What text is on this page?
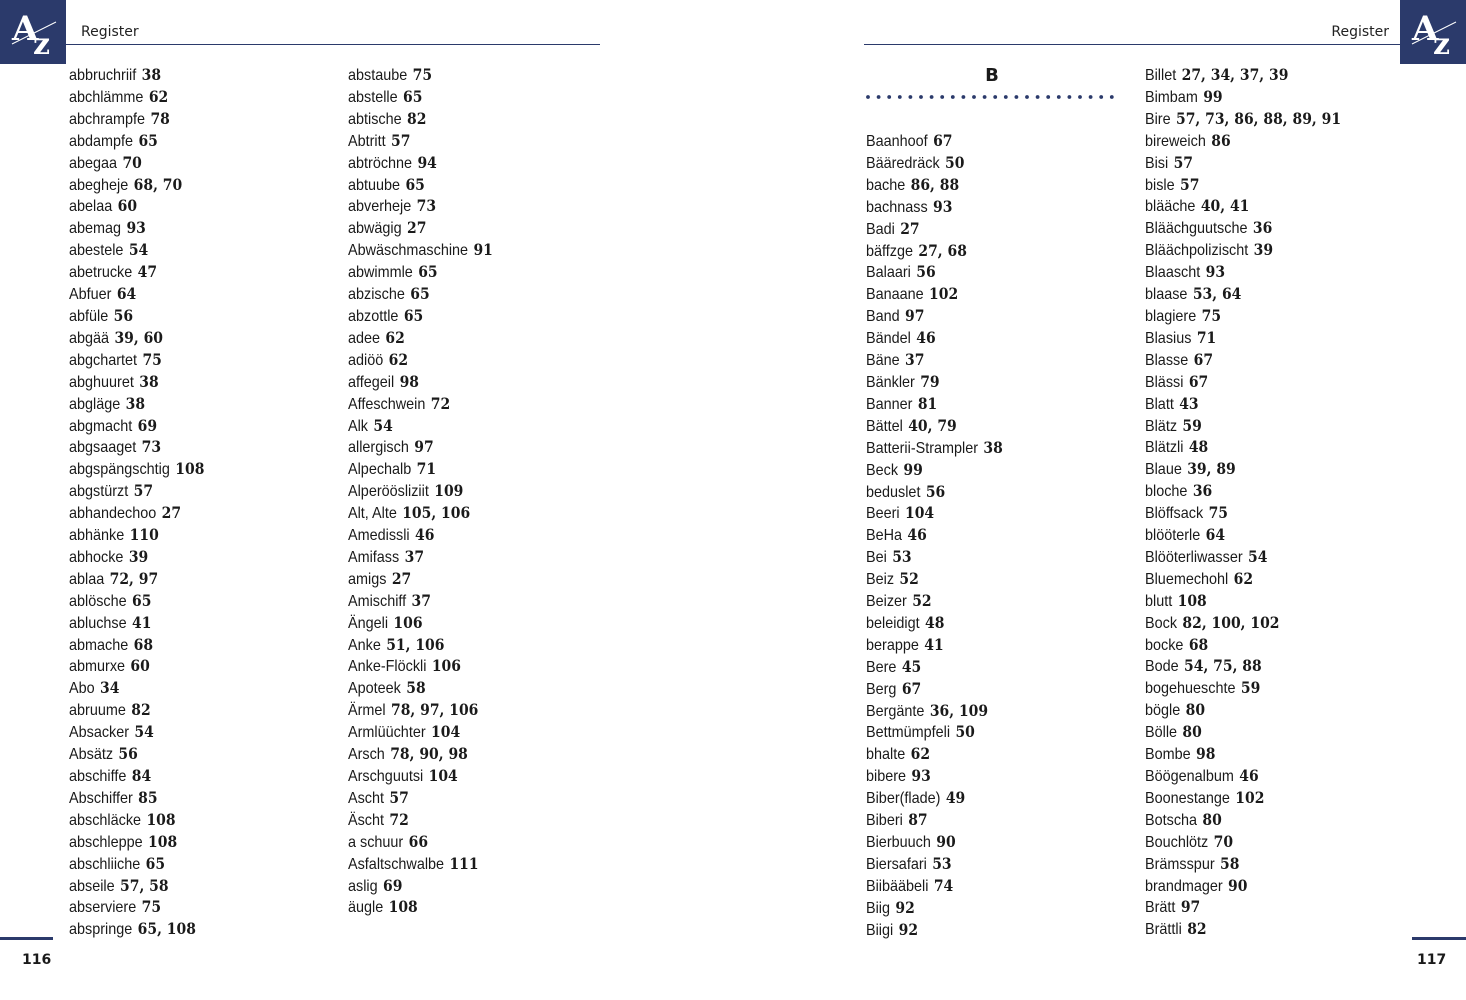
A
z Register
abbruchriif 38
abchlämme 62
abchrampfe 78
abdampfe 65
abegaa 70
abegheje 68, 70
abelaa 60
abemag 93
abestele 54
abetrucke 47
Abfuer 64
abfüle 56
abgää 39, 60
abgchartet 75
abghuuret 38
abgläge 38
abgmacht 69
abgsaaget 73
abgspängschtig 108
abgstürzt 57
abhandechoo 27
abhänke 110
abhocke 39
ablaa 72, 97
ablösche 65
abluchse 41
abmache 68
abmurxe 60
Abo 34
abruume 82
Absacker 54
Absätz 56
abschiffe 84
Abschiffer 85
abschläcke 108
abschleppe 108
abschliiche 65
abseile 57, 58
abserviere 75
abspringe 65, 108
abstaube 75
abstelle 65
abtische 82
Abtritt 57
abtröchne 94
abtuube 65
abverheje 73
abwägig 27
Abwäschmaschine 91
abwimmle 65
abzische 65
abzottle 65
adee 62
adiöö 62
affegeil 98
Affeschwein 72
Alk 54
allergisch 97
Alpechalb 71
Alperöösliziit 109
Alt, Alte 105, 106
Amedissli 46
Amifass 37
amigs 27
Amischiff 37
Ängeli 106
Anke 51, 106
Anke-Flöckli 106
Apoteek 58
Ärmel 78, 97, 106
Armlüüchter 104
Arsch 78, 90, 98
Arschguutsi 104
Ascht 57
Äscht 72
a schuur 66
Asfaltschwalbe 111
aslig 69
äugle 108
116
Register A
z
B
Baanhoof 67
Bääredräck 50
bache 86, 88
bachnass 93
Badi 27
bäffzge 27, 68
Balaari 56
Banaane 102
Band 97
Bändel 46
Bäne 37
Bänkler 79
Banner 81
Bättel 40, 79
Batterii-Strampler 38
Beck 99
beduslet 56
Beeri 104
BeHa 46
Bei 53
Beiz 52
Beizer 52
beleidigt 48
berappe 41
Bere 45
Berg 67
Bergänte 36, 109
Bettmümpfeli 50
bhalte 62
bibere 93
Biber(flade) 49
Biberi 87
Bierbuuch 90
Biersafari 53
Biibääbeli 74
Biig 92
Biigi 92
Billet 27, 34, 37, 39
Bimbam 99
Bire 57, 73, 86, 88, 89, 91
bireweich 86
Bisi 57
bisle 57
blääche 40, 41
Bläächguutsche 36
Bläächpolizischt 39
Blaascht 93
blaase 53, 64
blagiere 75
Blasius 71
Blasse 67
Blässi 67
Blatt 43
Blätz 59
Blätzli 48
Blaue 39, 89
bloche 36
Blöffsack 75
blööterle 64
Blööterliwasser 54
Bluemechohl 62
blutt 108
Bock 82, 100, 102
bocke 68
Bode 54, 75, 88
bogehueschte 59
bögle 80
Bölle 80
Bombe 98
Böögenalbum 46
Boonestange 102
Botscha 80
Bouchlötz 70
Brämsspur 58
brandmager 90
Brätt 97
Brättli 82
117
